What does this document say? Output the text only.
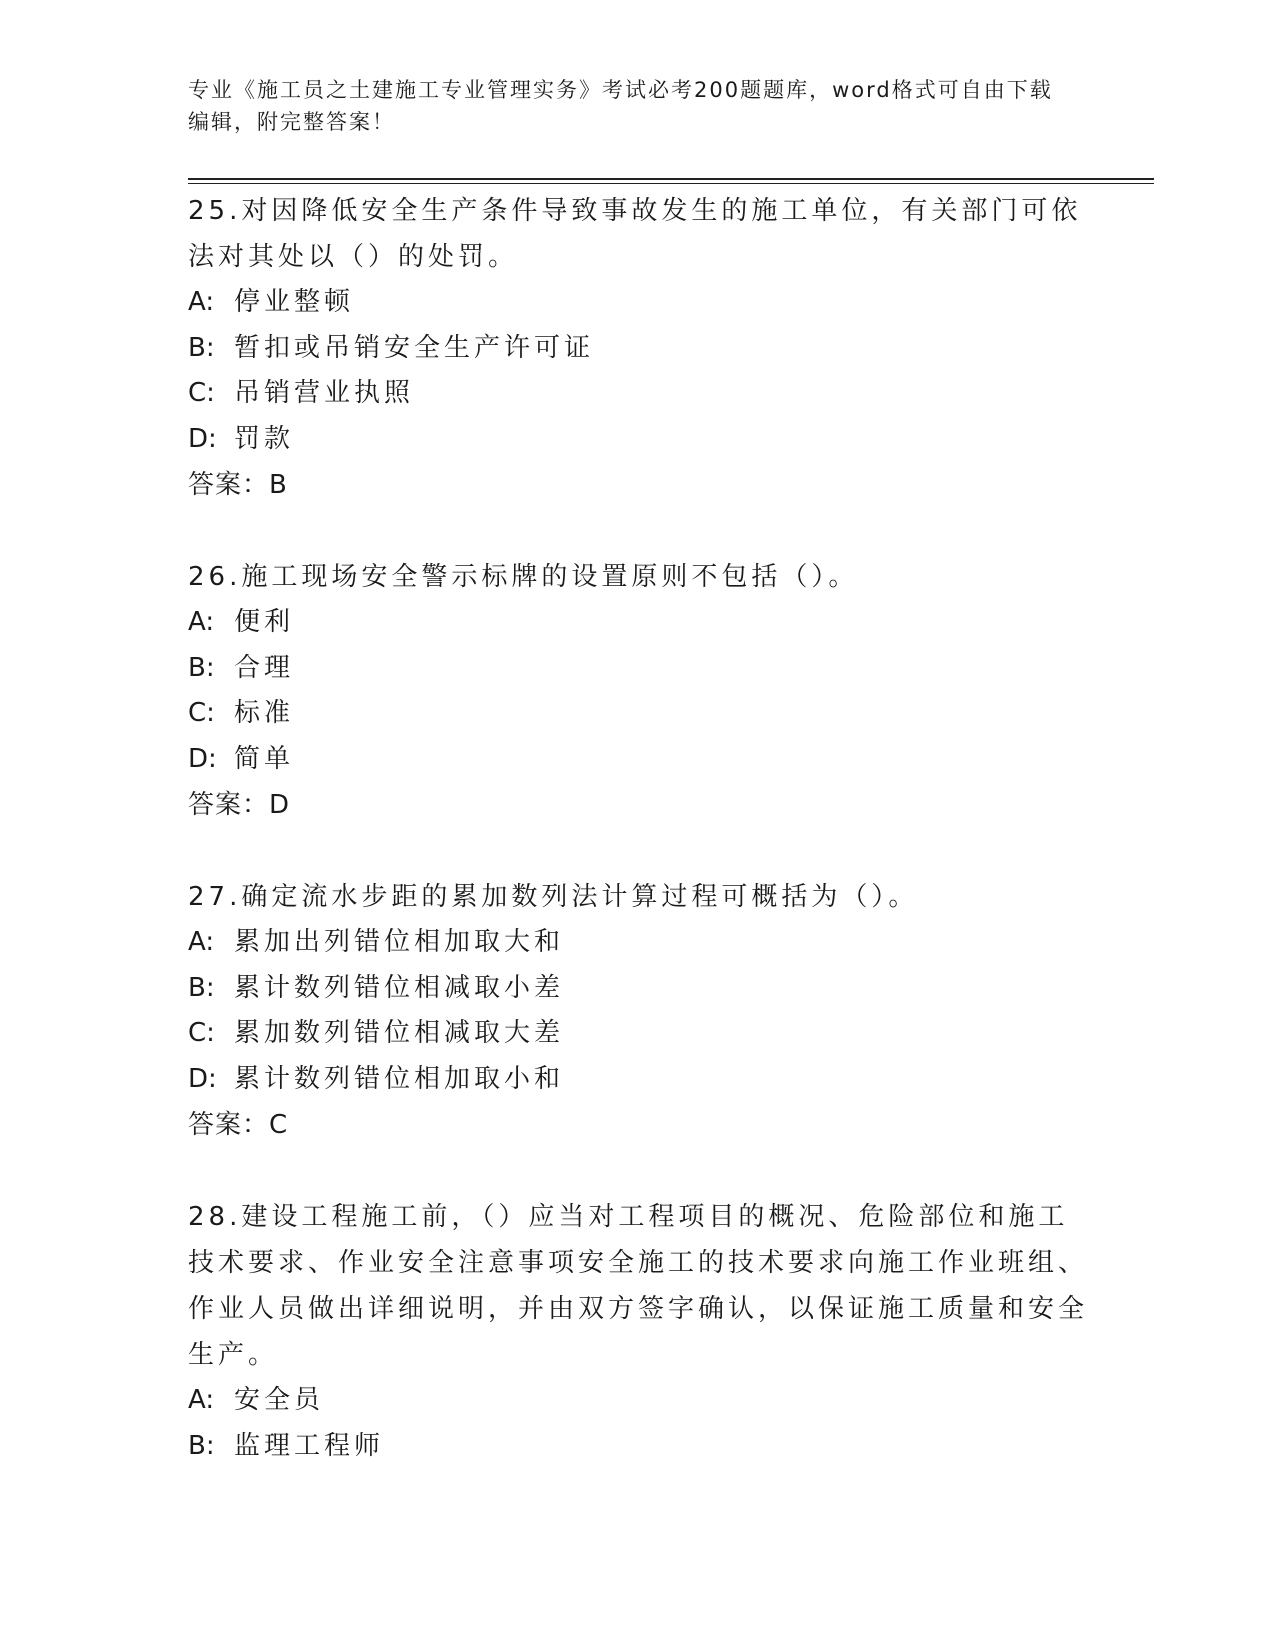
专业《施工员之土建施工专业管理实务》考试必考200题题库，word格式可自由下载编辑，附完整答案！

25.对因降低安全生产条件导致事故发生的施工单位，有关部门可依法对其处以（）的处罚。

A: 停业整顿

B: 暂扣或吊销安全生产许可证

C: 吊销营业执照

D: 罚款

答案：B

26.施工现场安全警示标牌的设置原则不包括（）。

A: 便利

B: 合理

C: 标准

D: 简单

答案：D

27.确定流水步距的累加数列法计算过程可概括为（）。

A: 累加出列错位相加取大和

B: 累计数列错位相减取小差

C: 累加数列错位相减取大差

D: 累计数列错位相加取小和

答案：C

28.建设工程施工前，（）应当对工程项目的概况、危险部位和施工技术要求、作业安全注意事项安全施工的技术要求向施工作业班组、作业人员做出详细说明，并由双方签字确认，以保证施工质量和安全生产。

A: 安全员

B: 监理工程师
